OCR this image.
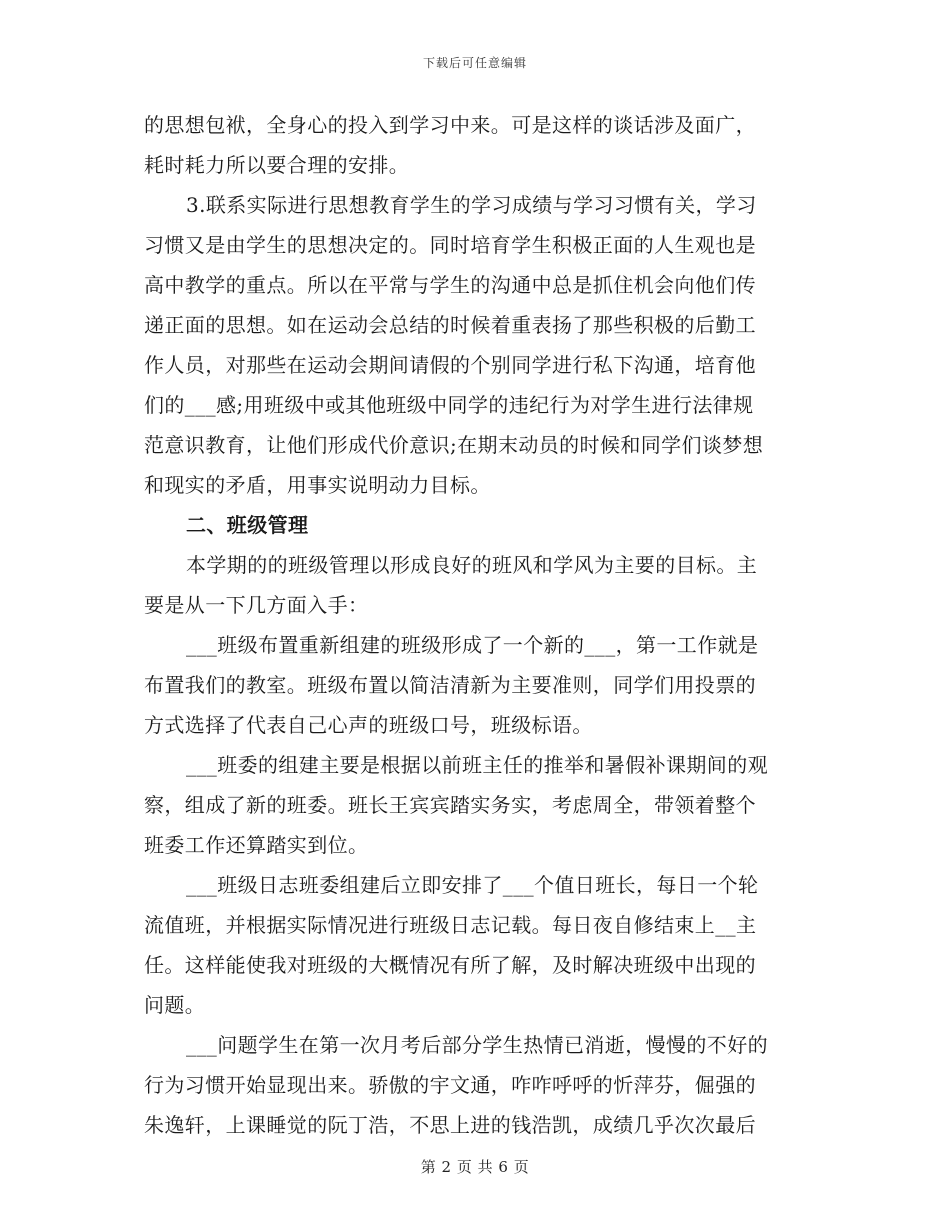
下载后可任意编辑
的思想包袱，全身心的投入到学习中来。可是这样的谈话涉及面广，
耗时耗力所以要合理的安排。
3.联系实际进行思想教育学生的学习成绩与学习习惯有关，学习
习惯又是由学生的思想决定的。同时培育学生积极正面的人生观也是
高中教学的重点。所以在平常与学生的沟通中总是抓住机会向他们传
递正面的思想。如在运动会总结的时候着重表扬了那些积极的后勤工
作人员，对那些在运动会期间请假的个别同学进行私下沟通，培育他
们的___感;用班级中或其他班级中同学的违纪行为对学生进行法律规
范意识教育，让他们形成代价意识;在期末动员的时候和同学们谈梦想
和现实的矛盾，用事实说明动力目标。
二、班级管理
本学期的的班级管理以形成良好的班风和学风为主要的目标。主
要是从一下几方面入手：
___班级布置重新组建的班级形成了一个新的___，第一工作就是
布置我们的教室。班级布置以简洁清新为主要准则，同学们用投票的
方式选择了代表自己心声的班级口号，班级标语。
___班委的组建主要是根据以前班主任的推举和暑假补课期间的观
察，组成了新的班委。班长王宾宾踏实务实，考虑周全，带领着整个
班委工作还算踏实到位。
___班级日志班委组建后立即安排了___个值日班长，每日一个轮
流值班，并根据实际情况进行班级日志记载。每日夜自修结束上__主
任。这样能使我对班级的大概情况有所了解，及时解决班级中出现的
问题。
___问题学生在第一次月考后部分学生热情已消逝，慢慢的不好的
行为习惯开始显现出来。骄傲的宇文通，咋咋呼呼的忻萍芬，倔强的
朱逸轩，上课睡觉的阮丁浩，不思上进的钱浩凯，成绩几乎次次最后
第 2 页 共 6 页
